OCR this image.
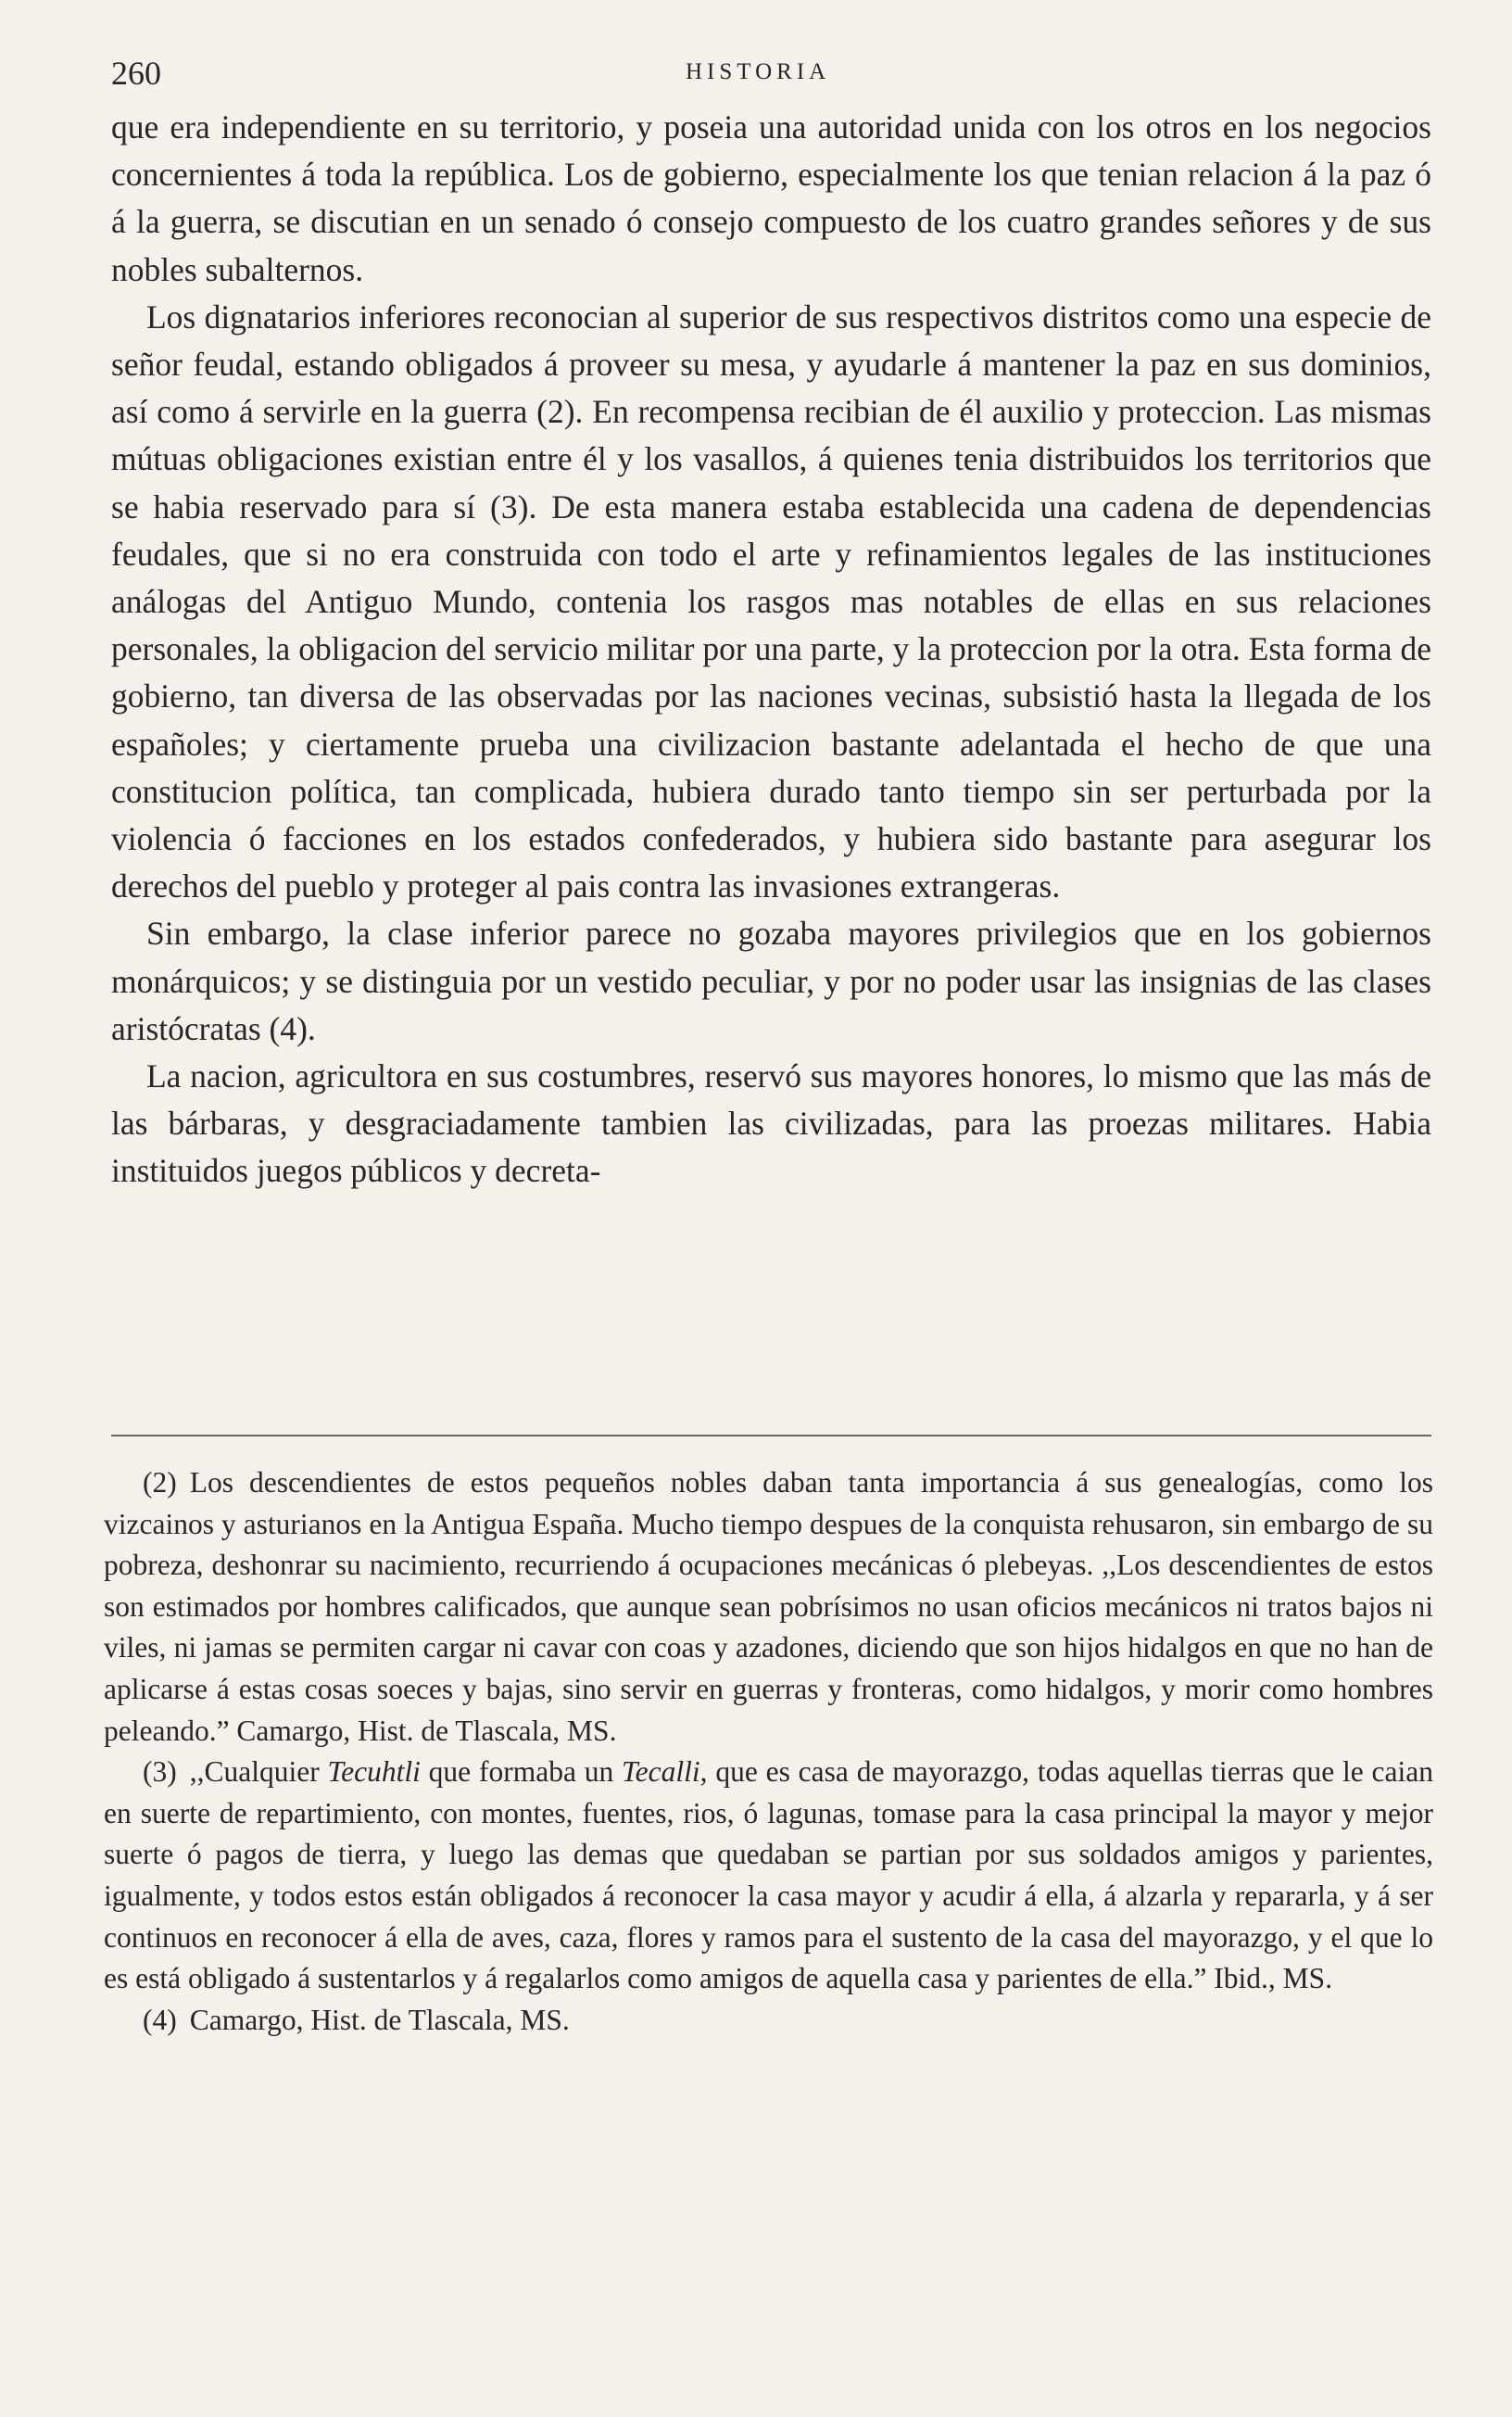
260	HISTORIA

que era independiente en su territorio, y poseia una autoridad unida con los otros en los negocios concernientes á toda la república. Los de gobierno, especialmente los que tenian relacion á la paz ó á la guerra, se discutian en un senado ó consejo compuesto de los cuatro grandes señores y de sus nobles subalternos.

Los dignatarios inferiores reconocian al superior de sus respectivos distritos como una especie de señor feudal, estando obligados á proveer su mesa, y ayudarle á mantener la paz en sus dominios, así como á servirle en la guerra (2). En recompensa recibian de él auxilio y proteccion. Las mismas mútuas obligaciones existian entre él y los vasallos, á quienes tenia distribuidos los territorios que se habia reservado para sí (3). De esta manera estaba establecida una cadena de dependencias feudales, que si no era construida con todo el arte y refinamientos legales de las instituciones análogas del Antiguo Mundo, contenia los rasgos mas notables de ellas en sus relaciones personales, la obligacion del servicio militar por una parte, y la proteccion por la otra. Esta forma de gobierno, tan diversa de las observadas por las naciones vecinas, subsistió hasta la llegada de los españoles; y ciertamente prueba una civilizacion bastante adelantada el hecho de que una constitucion política, tan complicada, hubiera durado tanto tiempo sin ser perturbada por la violencia ó facciones en los estados confederados, y hubiera sido bastante para asegurar los derechos del pueblo y proteger al pais contra las invasiones extrangeras.

Sin embargo, la clase inferior parece no gozaba mayores privilegios que en los gobiernos monárquicos; y se distinguia por un vestido peculiar, y por no poder usar las insignias de las clases aristócratas (4).

La nacion, agricultora en sus costumbres, reservó sus mayores honores, lo mismo que las más de las bárbaras, y desgraciadamente tambien las civilizadas, para las proezas militares. Habia instituidos juegos públicos y decreta-

(2) Los descendientes de estos pequeños nobles daban tanta importancia á sus genealogías, como los vizcainos y asturianos en la Antigua España. Mucho tiempo despues de la conquista rehusaron, sin embargo de su pobreza, deshonrar su nacimiento, recurriendo á ocupaciones mecánicas ó plebeyas. ,,Los descendientes de estos son estimados por hombres calificados, que aunque sean pobrísimos no usan oficios mecánicos ni tratos bajos ni viles, ni jamas se permiten cargar ni cavar con coas y azadones, diciendo que son hijos hidalgos en que no han de aplicarse á estas cosas soeces y bajas, sino servir en guerras y fronteras, como hidalgos, y morir como hombres peleando.” Camargo, Hist. de Tlascala, MS.

(3) ,,Cualquier Tecuhtli que formaba un Tecalli, que es casa de mayorazgo, todas aquellas tierras que le caian en suerte de repartimiento, con montes, fuentes, rios, ó lagunas, tomase para la casa principal la mayor y mejor suerte ó pagos de tierra, y luego las demas que quedaban se partian por sus soldados amigos y parientes, igualmente, y todos estos están obligados á reconocer la casa mayor y acudir á ella, á alzarla y repararla, y á ser continuos en reconocer á ella de aves, caza, flores y ramos para el sustento de la casa del mayorazgo, y el que lo es está obligado á sustentarlos y á regalarlos como amigos de aquella casa y parientes de ella.” Ibid., MS.

(4) Camargo, Hist. de Tlascala, MS.
